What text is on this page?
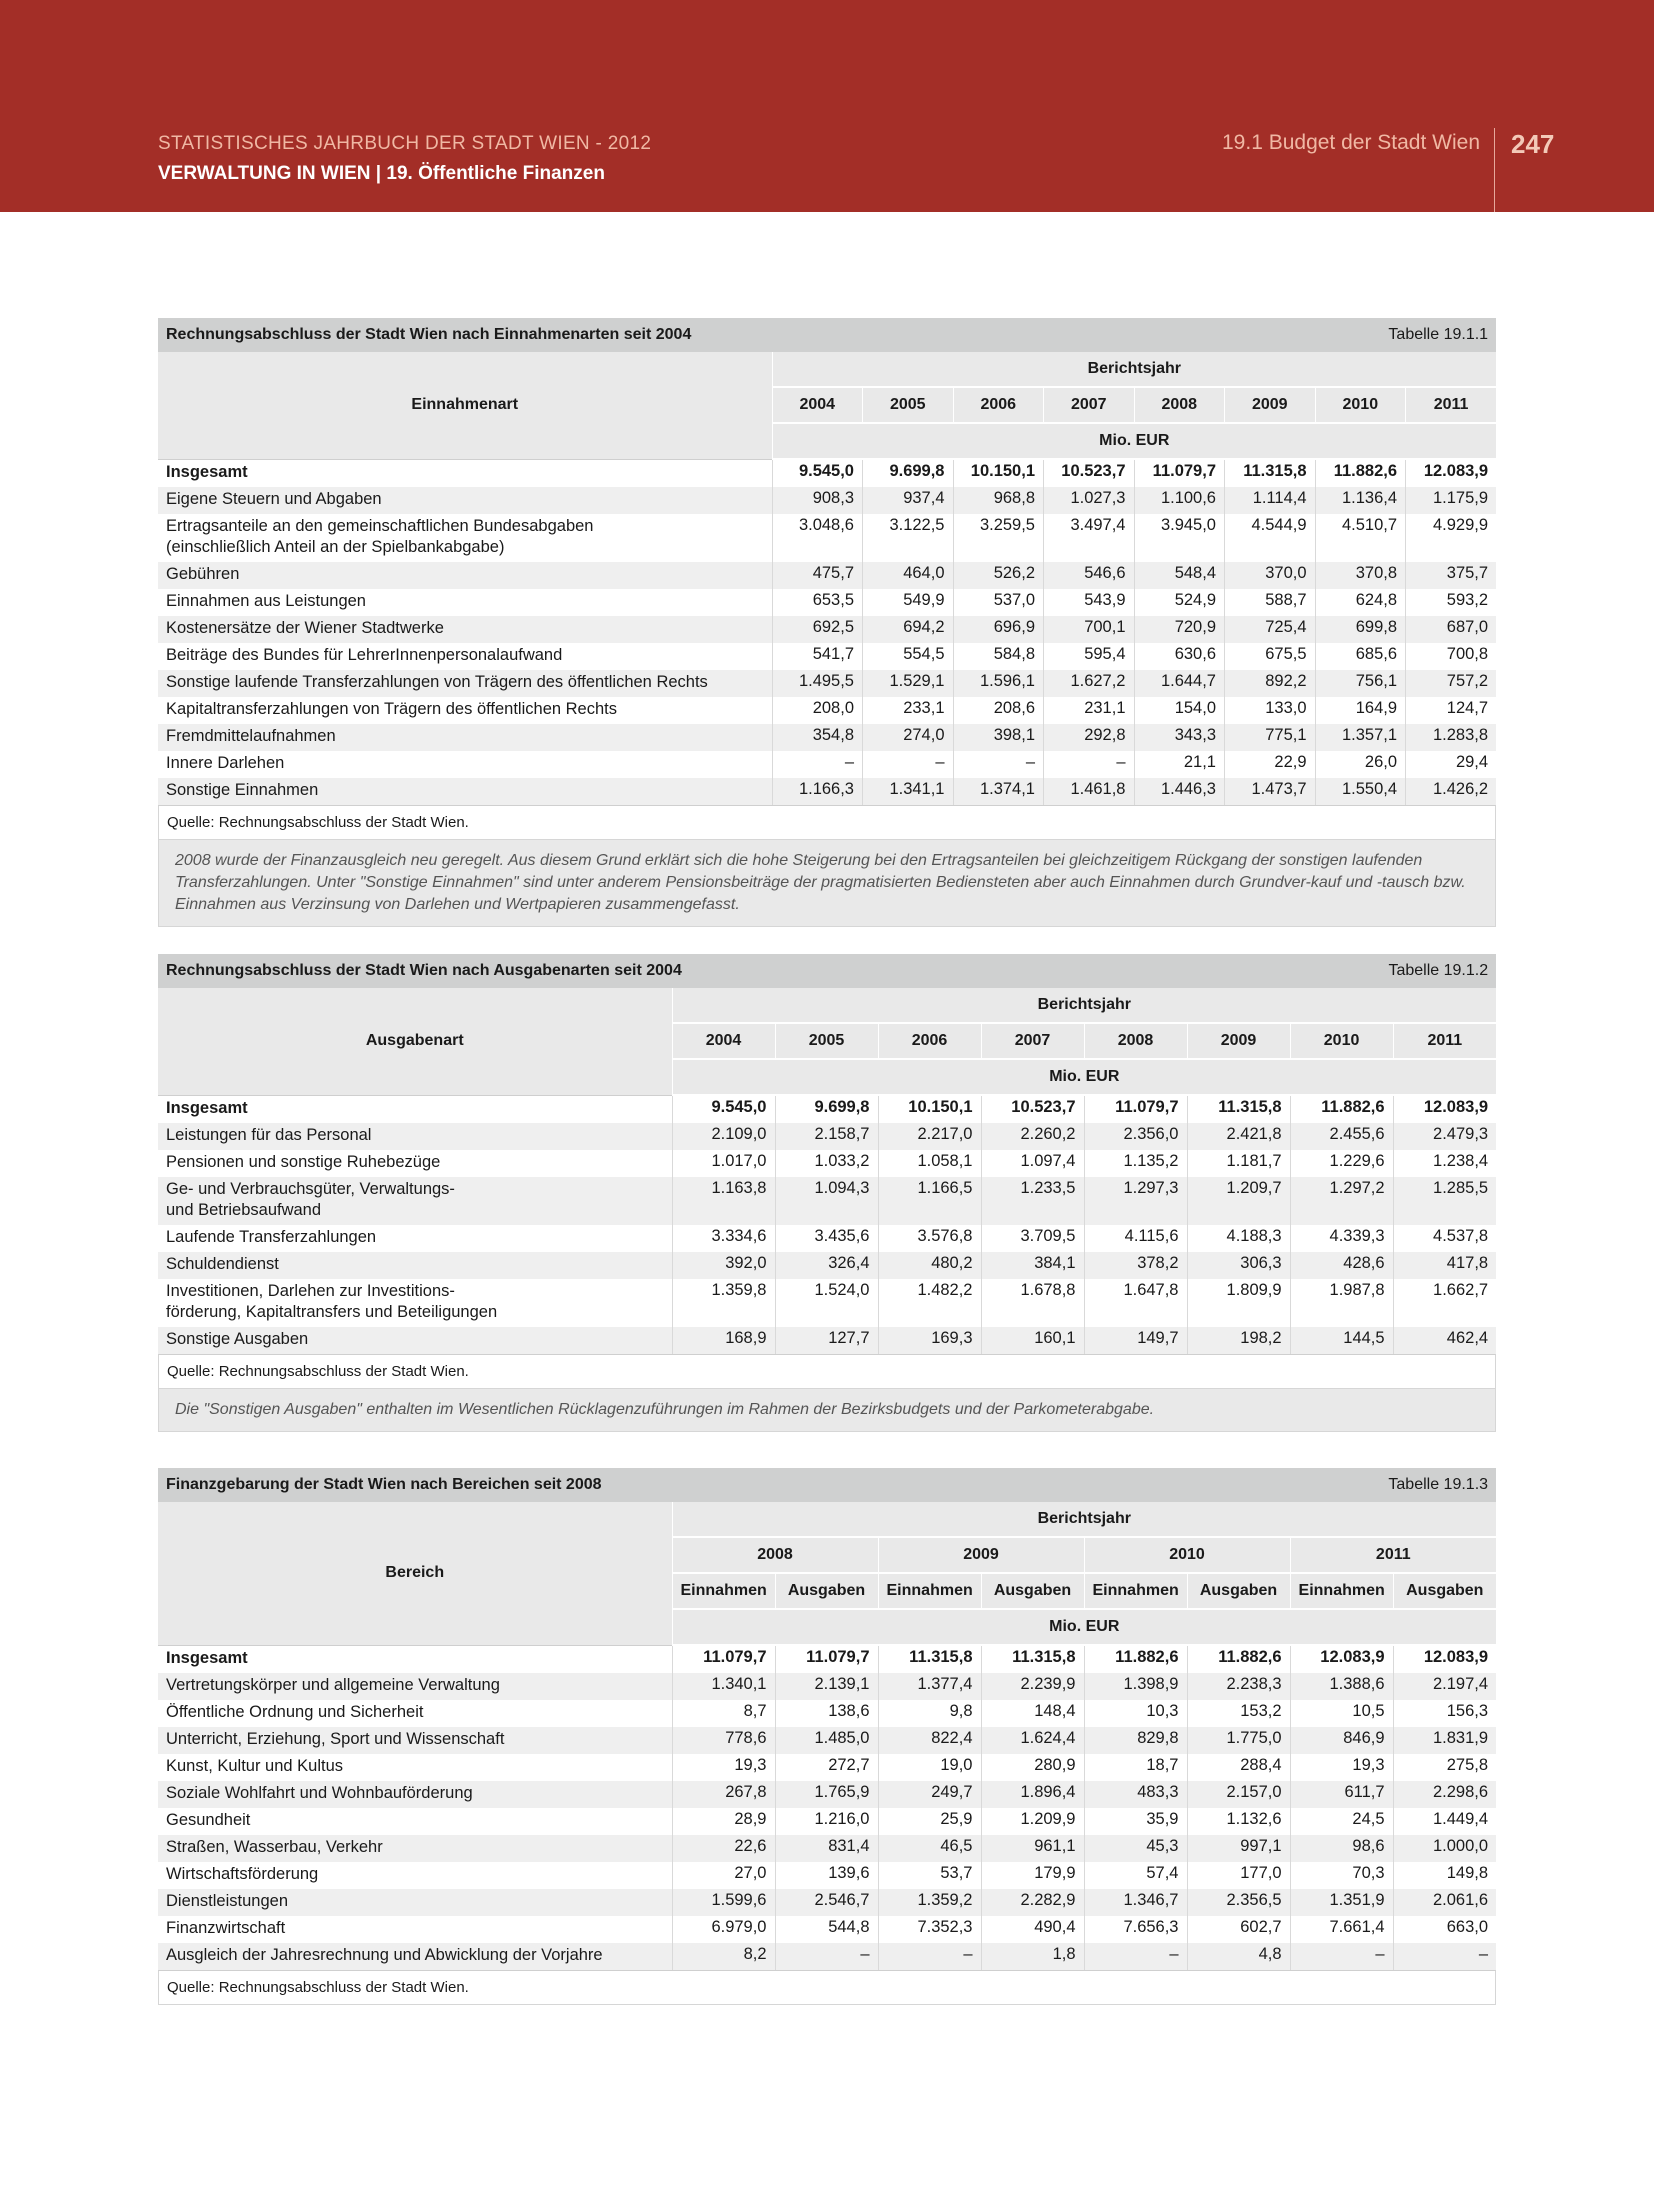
STATISTISCHES JAHRBUCH DER STADT WIEN - 2012
VERWALTUNG IN WIEN | 19. Öffentliche Finanzen
19.1 Budget der Stadt Wien 247
Rechnungsabschluss der Stadt Wien nach Einnahmenarten seit 2004							Tabelle 19.1.1	
Einnahmenart	Berichtsjahr							
	2004	2005	2006	2007	2008	2009	2010	2011
	Mio. EUR							

Insgesamt	9.545,0	9.699,8	10.150,1	10.523,7	11.079,7	11.315,8	11.882,6	12.083,9

Eigene Steuern und Abgaben	908,3	937,4	968,8	1.027,3	1.100,6	1.114,4	1.136,4	1.175,9

Ertragsanteile an den gemeinschaftlichen Bundesabgaben
(einschließlich Anteil an der Spielbankabgabe)	3.048,6	3.122,5	3.259,5	3.497,4	3.945,0	4.544,9	4.510,7	4.929,9

Gebühren	475,7	464,0	526,2	546,6	548,4	370,0	370,8	375,7

Einnahmen aus Leistungen	653,5	549,9	537,0	543,9	524,9	588,7	624,8	593,2

Kostenersätze der Wiener Stadtwerke	692,5	694,2	696,9	700,1	720,9	725,4	699,8	687,0

Beiträge des Bundes für LehrerInnenpersonalaufwand	541,7	554,5	584,8	595,4	630,6	675,5	685,6	700,8

Sonstige laufende Transferzahlungen von Trägern des öffentlichen Rechts	1.495,5	1.529,1	1.596,1	1.627,2	1.644,7	892,2	756,1	757,2

Kapitaltransferzahlungen von Trägern des öffentlichen Rechts	208,0	233,1	208,6	231,1	154,0	133,0	164,9	124,7

Fremdmittelaufnahmen	354,8	274,0	398,1	292,8	343,3	775,1	1.357,1	1.283,8

Innere Darlehen	–	–	–	–	21,1	22,9	26,0	29,4

Sonstige Einnahmen	1.166,3	1.341,1	1.374,1	1.461,8	1.446,3	1.473,7	1.550,4	1.426,2
Quelle: Rechnungsabschluss der Stadt Wien.
2008 wurde der Finanzausgleich neu geregelt. Aus diesem Grund erklärt sich die hohe Steigerung bei den Ertragsanteilen bei gleichzeitigem Rückgang der sonstigen laufenden Transferzahlungen. Unter "Sonstige Einnahmen" sind unter anderem Pensionsbeiträge der pragmatisierten Bediensteten aber auch Einnahmen durch Grundver-kauf und -tausch bzw. Einnahmen aus Verzinsung von Darlehen und Wertpapieren zusammengefasst.
Rechnungsabschluss der Stadt Wien nach Ausgabenarten seit 2004							Tabelle 19.1.2	
Ausgabenart	Berichtsjahr							
	2004	2005	2006	2007	2008	2009	2010	2011
	Mio. EUR							

Insgesamt	9.545,0	9.699,8	10.150,1	10.523,7	11.079,7	11.315,8	11.882,6	12.083,9

Leistungen für das Personal	2.109,0	2.158,7	2.217,0	2.260,2	2.356,0	2.421,8	2.455,6	2.479,3

Pensionen und sonstige Ruhebezüge	1.017,0	1.033,2	1.058,1	1.097,4	1.135,2	1.181,7	1.229,6	1.238,4

Ge- und Verbrauchsgüter, Verwaltungs-
und Betriebsaufwand	1.163,8	1.094,3	1.166,5	1.233,5	1.297,3	1.209,7	1.297,2	1.285,5

Laufende Transferzahlungen	3.334,6	3.435,6	3.576,8	3.709,5	4.115,6	4.188,3	4.339,3	4.537,8

Schuldendienst	392,0	326,4	480,2	384,1	378,2	306,3	428,6	417,8

Investitionen, Darlehen zur Investitions-
förderung, Kapitaltransfers und Beteiligungen	1.359,8	1.524,0	1.482,2	1.678,8	1.647,8	1.809,9	1.987,8	1.662,7

Sonstige Ausgaben	168,9	127,7	169,3	160,1	149,7	198,2	144,5	462,4
Quelle: Rechnungsabschluss der Stadt Wien.
Die "Sonstigen Ausgaben" enthalten im Wesentlichen Rücklagenzuführungen im Rahmen der Bezirksbudgets und der Parkometerabgabe.
Finanzgebarung der Stadt Wien nach Bereichen seit 2008							Tabelle 19.1.3	
Bereich	Berichtsjahr							
	2008		2009		2010		2011	
	Einnahmen	Ausgaben	Einnahmen	Ausgaben	Einnahmen	Ausgaben	Einnahmen	Ausgaben
	Mio. EUR							

Insgesamt	11.079,7	11.079,7	11.315,8	11.315,8	11.882,6	11.882,6	12.083,9	12.083,9

Vertretungskörper und allgemeine Verwaltung	1.340,1	2.139,1	1.377,4	2.239,9	1.398,9	2.238,3	1.388,6	2.197,4

Öffentliche Ordnung und Sicherheit	8,7	138,6	9,8	148,4	10,3	153,2	10,5	156,3

Unterricht, Erziehung, Sport und Wissenschaft	778,6	1.485,0	822,4	1.624,4	829,8	1.775,0	846,9	1.831,9

Kunst, Kultur und Kultus	19,3	272,7	19,0	280,9	18,7	288,4	19,3	275,8

Soziale Wohlfahrt und Wohnbauförderung	267,8	1.765,9	249,7	1.896,4	483,3	2.157,0	611,7	2.298,6

Gesundheit	28,9	1.216,0	25,9	1.209,9	35,9	1.132,6	24,5	1.449,4

Straßen, Wasserbau, Verkehr	22,6	831,4	46,5	961,1	45,3	997,1	98,6	1.000,0

Wirtschaftsförderung	27,0	139,6	53,7	179,9	57,4	177,0	70,3	149,8

Dienstleistungen	1.599,6	2.546,7	1.359,2	2.282,9	1.346,7	2.356,5	1.351,9	2.061,6

Finanzwirtschaft	6.979,0	544,8	7.352,3	490,4	7.656,3	602,7	7.661,4	663,0

Ausgleich der Jahresrechnung und Abwicklung der Vorjahre	8,2	–	–	1,8	–	4,8	–	–
Quelle: Rechnungsabschluss der Stadt Wien.
